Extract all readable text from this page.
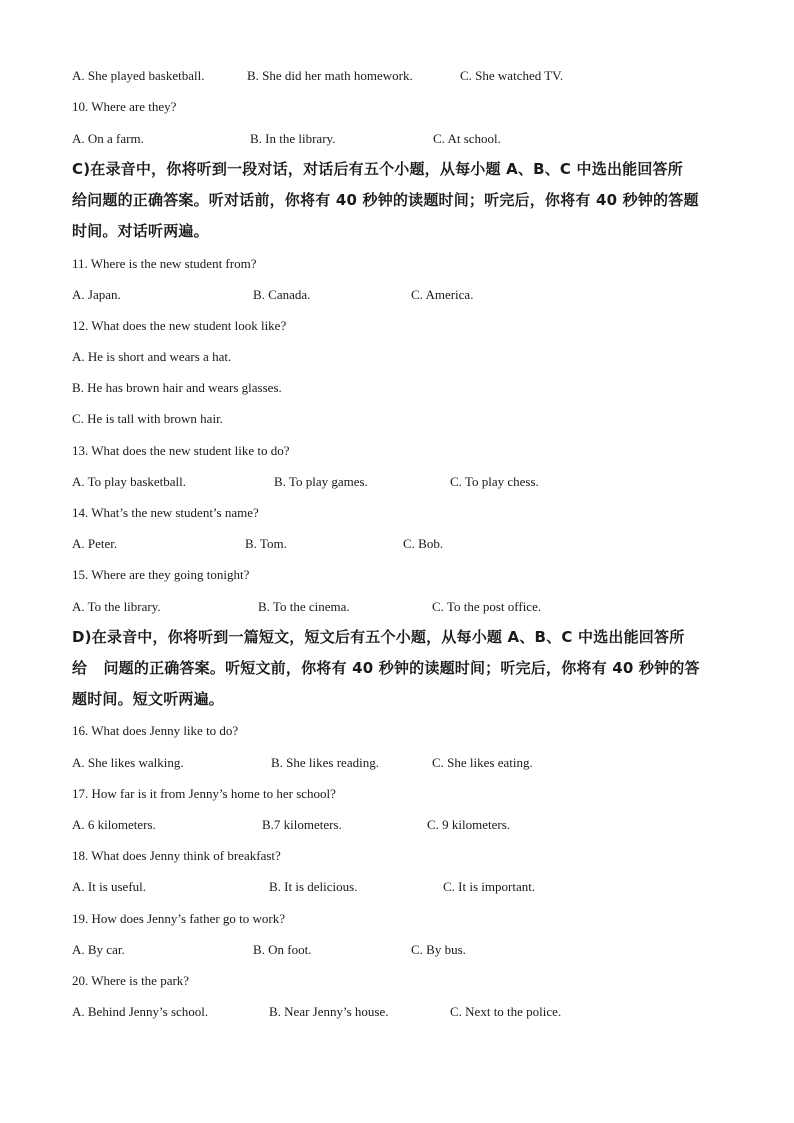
A. She played basketball.	B. She did her math homework.	C. She watched TV.
10. Where are they?
A. On a farm.	B. In the library.	C. At school.
C)在录音中，你将听到一段对话，对话后有五个小题，从每小题 A、B、C 中选出能回答所
给问题的正确答案。听对话前，你将有 40 秒钟的读题时间；听完后，你将有 40 秒钟的答题
时间。对话听两遍。
11. Where is the new student from?
A. Japan.	B. Canada.	C. America.
12. What does the new student look like?
A. He is short and wears a hat.
B. He has brown hair and wears glasses.
C. He is tall with brown hair.
13. What does the new student like to do?
A. To play basketball.	B. To play games.	C. To play chess.
14. What’s the new student’s name?
A. Peter.	B. Tom.	C. Bob.
15. Where are they going tonight?
A. To the library.	B. To the cinema.	C. To the post office.
D)在录音中，你将听到一篇短文，短文后有五个小题，从每小题 A、B、C 中选出能回答所
给   问题的正确答案。听短文前，你将有 40 秒钟的读题时间；听完后，你将有 40 秒钟的答
题时间。短文听两遍。
16. What does Jenny like to do?
A. She likes walking.	B. She likes reading.	C. She likes eating.
17. How far is it from Jenny’s home to her school?
A. 6 kilometers.	B.7 kilometers.	C. 9 kilometers.
18. What does Jenny think of breakfast?
A. It is useful.	B. It is delicious.	C. It is important.
19. How does Jenny’s father go to work?
A. By car.	B. On foot.	C. By bus.
20. Where is the park?
A. Behind Jenny’s school.	B. Near Jenny’s house.	C. Next to the police.
